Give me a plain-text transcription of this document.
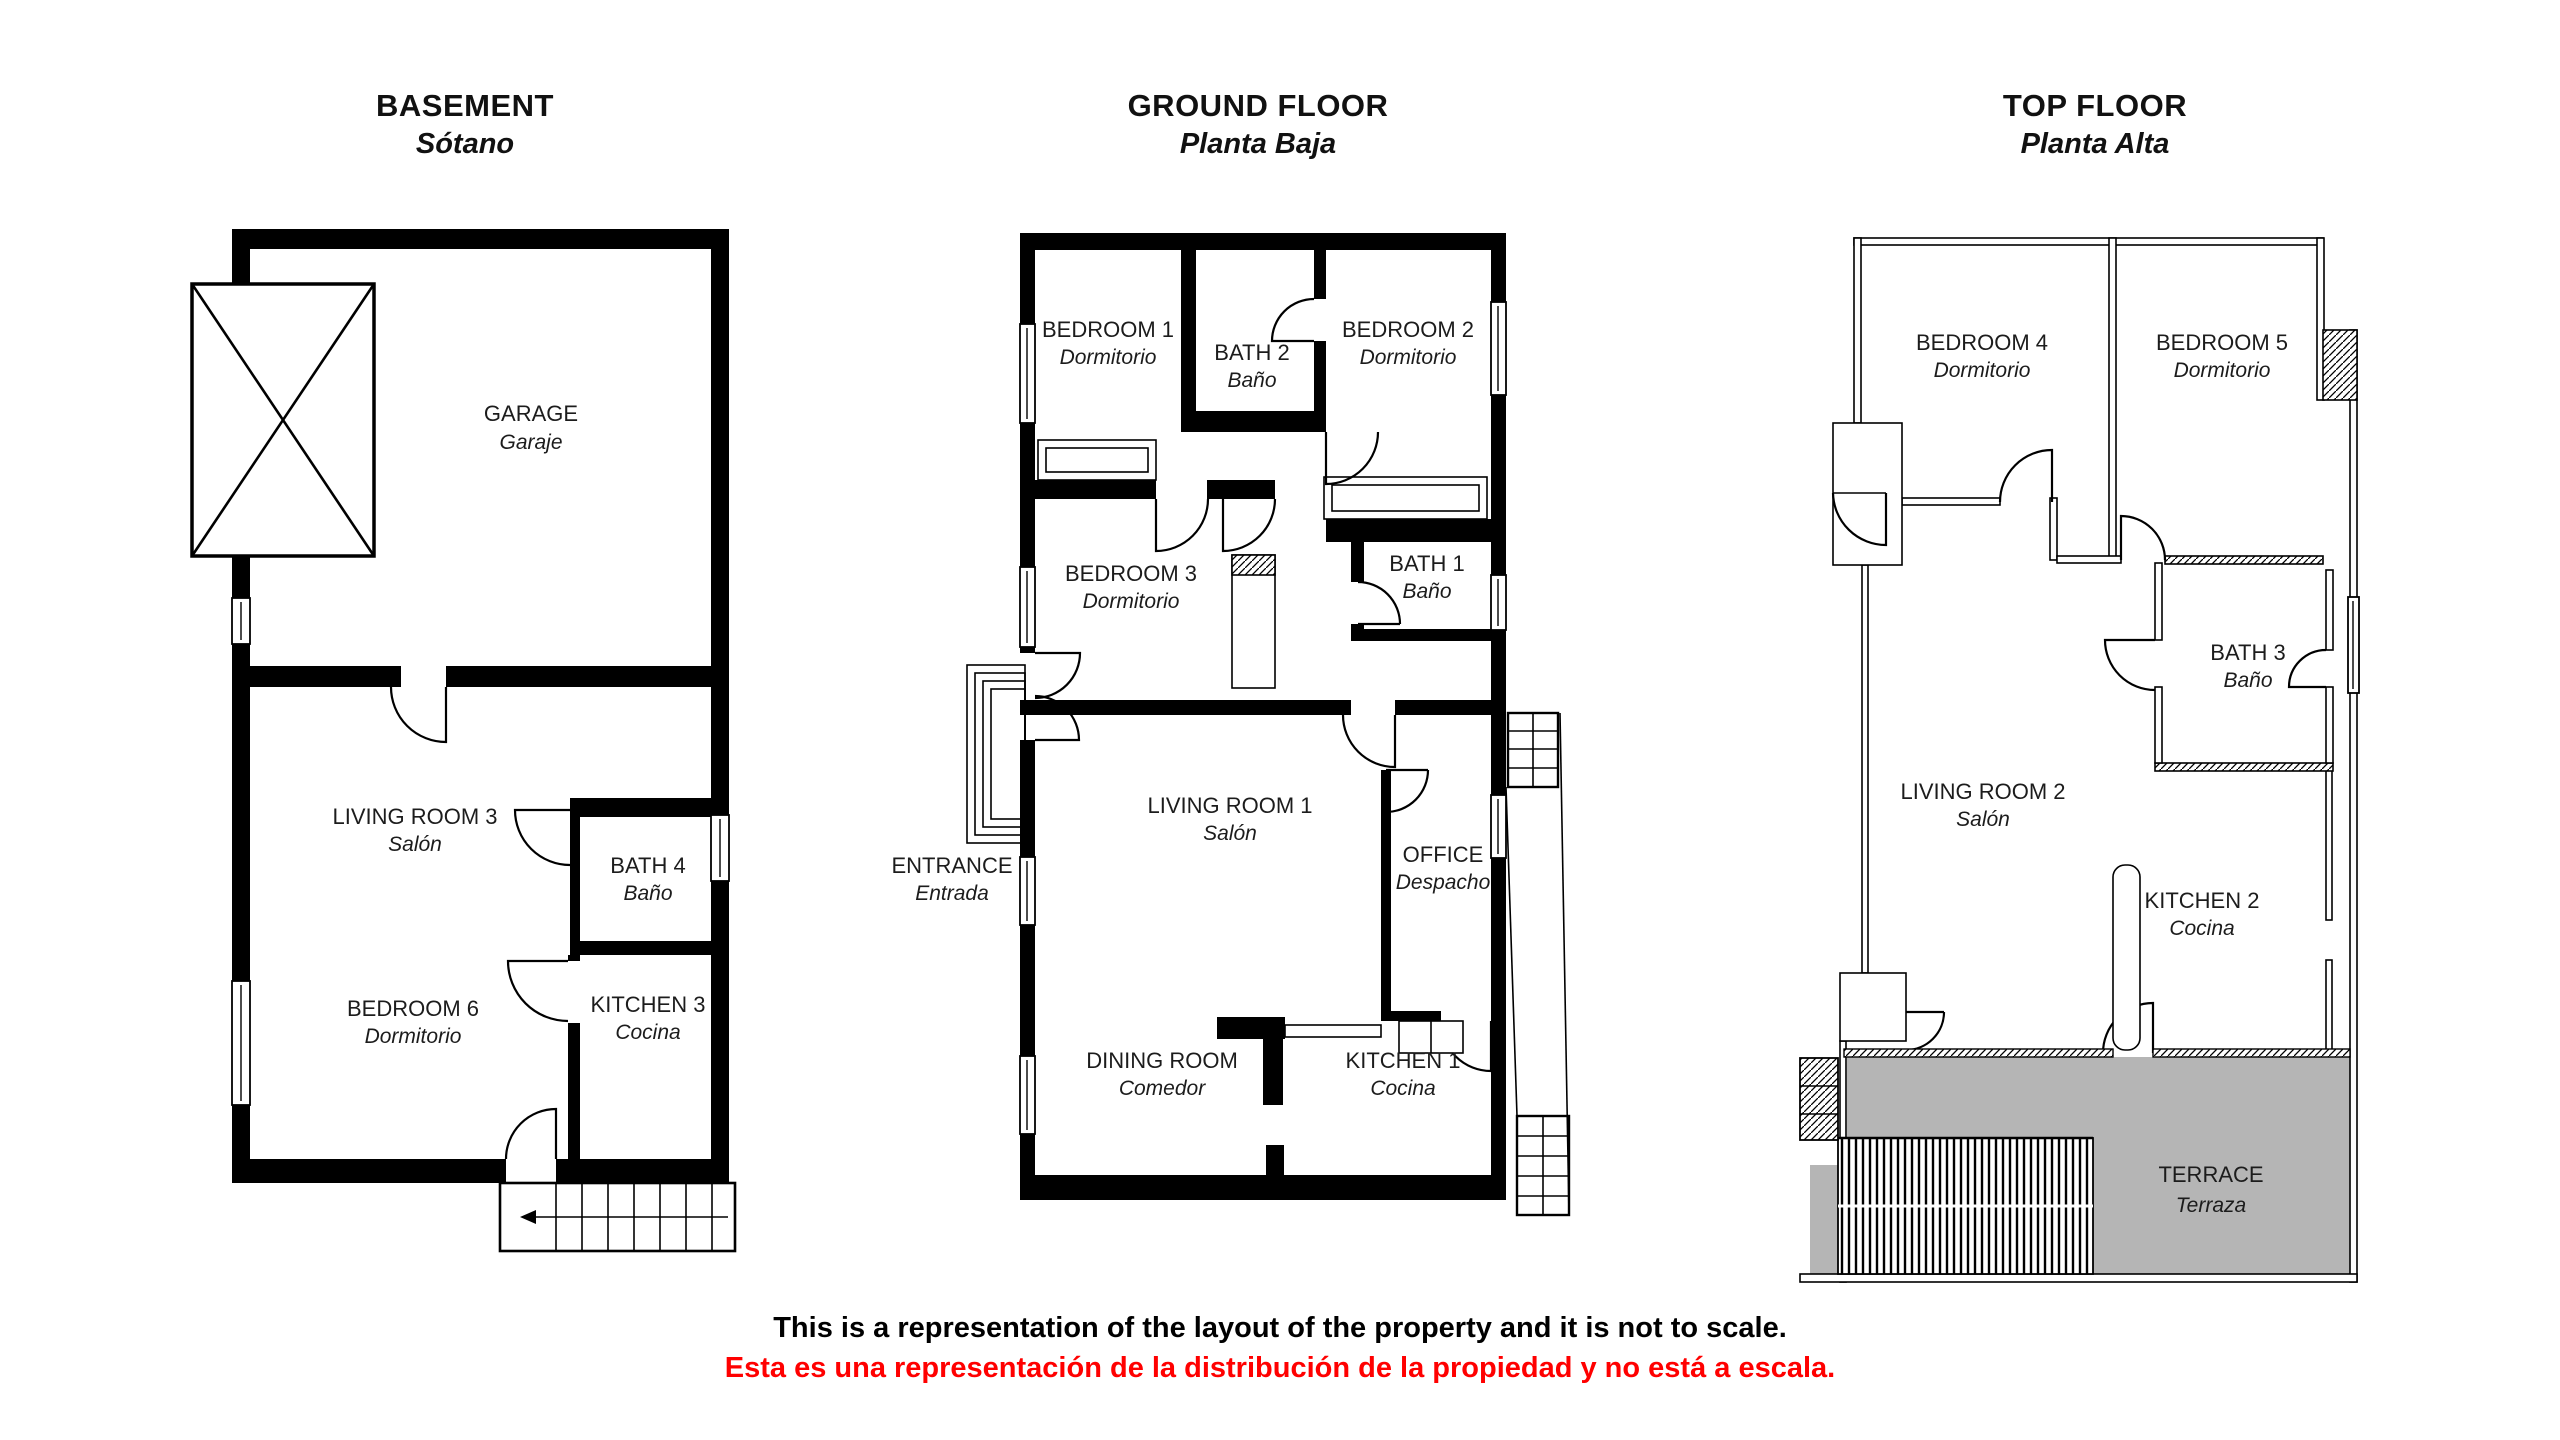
BASEMENT
Sótano
GROUND FLOOR
Planta Baja
TOP FLOOR
Planta Alta
GARAGE
Garaje
LIVING ROOM 3
Salón
BATH 4
Baño
BEDROOM 6
Dormitorio
KITCHEN 3
Cocina
BEDROOM 1
Dormitorio	BATH 2
Baño
BEDROOM 2
Dormitorio
BEDROOM 3
Dormitorio
BATH 1
Baño
LIVING ROOM 1
Salón
OFFICE
Despacho
ENTRANCE
Entrada
DINING ROOM
Comedor
KITCHEN 1
Cocina
BEDROOM 4
Dormitorio
BEDROOM 5
Dormitorio
BATH 3
Baño
LIVING ROOM 2
Salón
KITCHEN 2
Cocina
TERRACE
Terraza
This is a representation of the layout of the property and it is not to scale.
Esta es una representación de la distribución de la propiedad y no está a escala.
